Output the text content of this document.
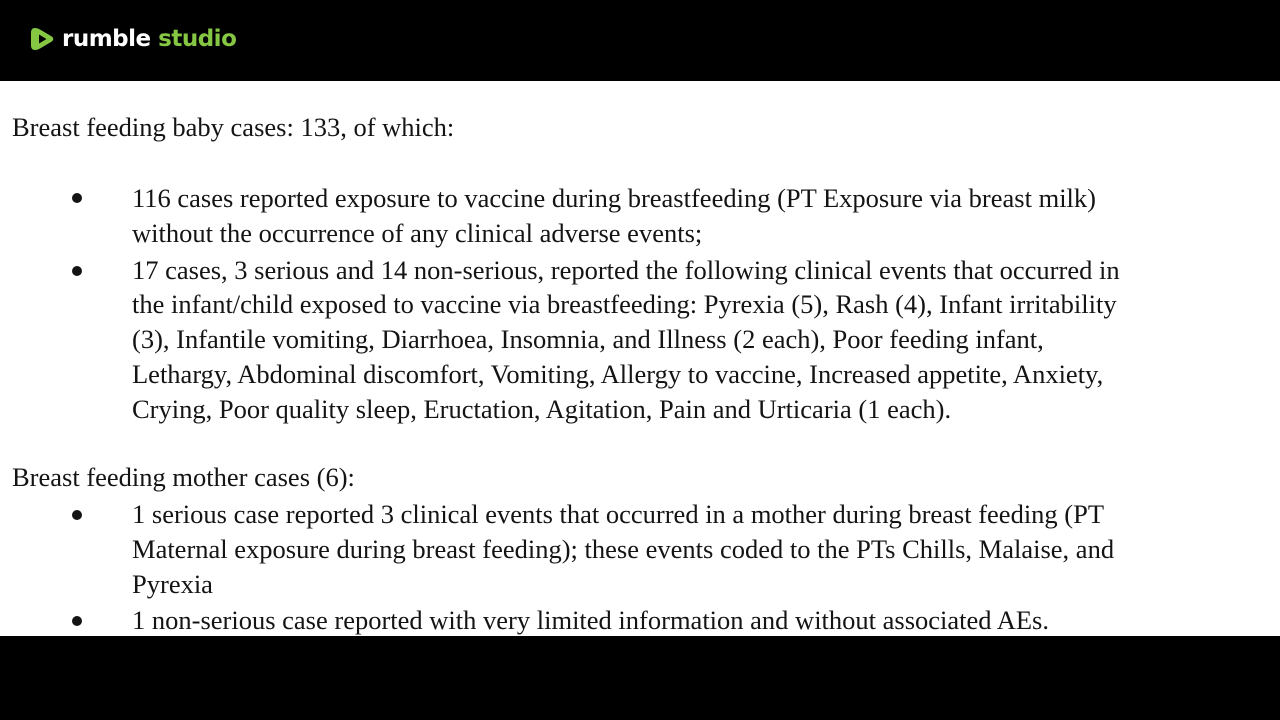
rumble studio
Breast feeding baby cases: 133, of which:
116 cases reported exposure to vaccine during breastfeeding (PT Exposure via breast milk)
without the occurrence of any clinical adverse events;
17 cases, 3 serious and 14 non-serious, reported the following clinical events that occurred in
the infant/child exposed to vaccine via breastfeeding: Pyrexia (5), Rash (4), Infant irritability
(3), Infantile vomiting, Diarrhoea, Insomnia, and Illness (2 each), Poor feeding infant,
Lethargy, Abdominal discomfort, Vomiting, Allergy to vaccine, Increased appetite, Anxiety,
Crying, Poor quality sleep, Eructation, Agitation, Pain and Urticaria (1 each).
Breast feeding mother cases (6):
1 serious case reported 3 clinical events that occurred in a mother during breast feeding (PT
Maternal exposure during breast feeding); these events coded to the PTs Chills, Malaise, and
Pyrexia
1 non-serious case reported with very limited information and without associated AEs.
